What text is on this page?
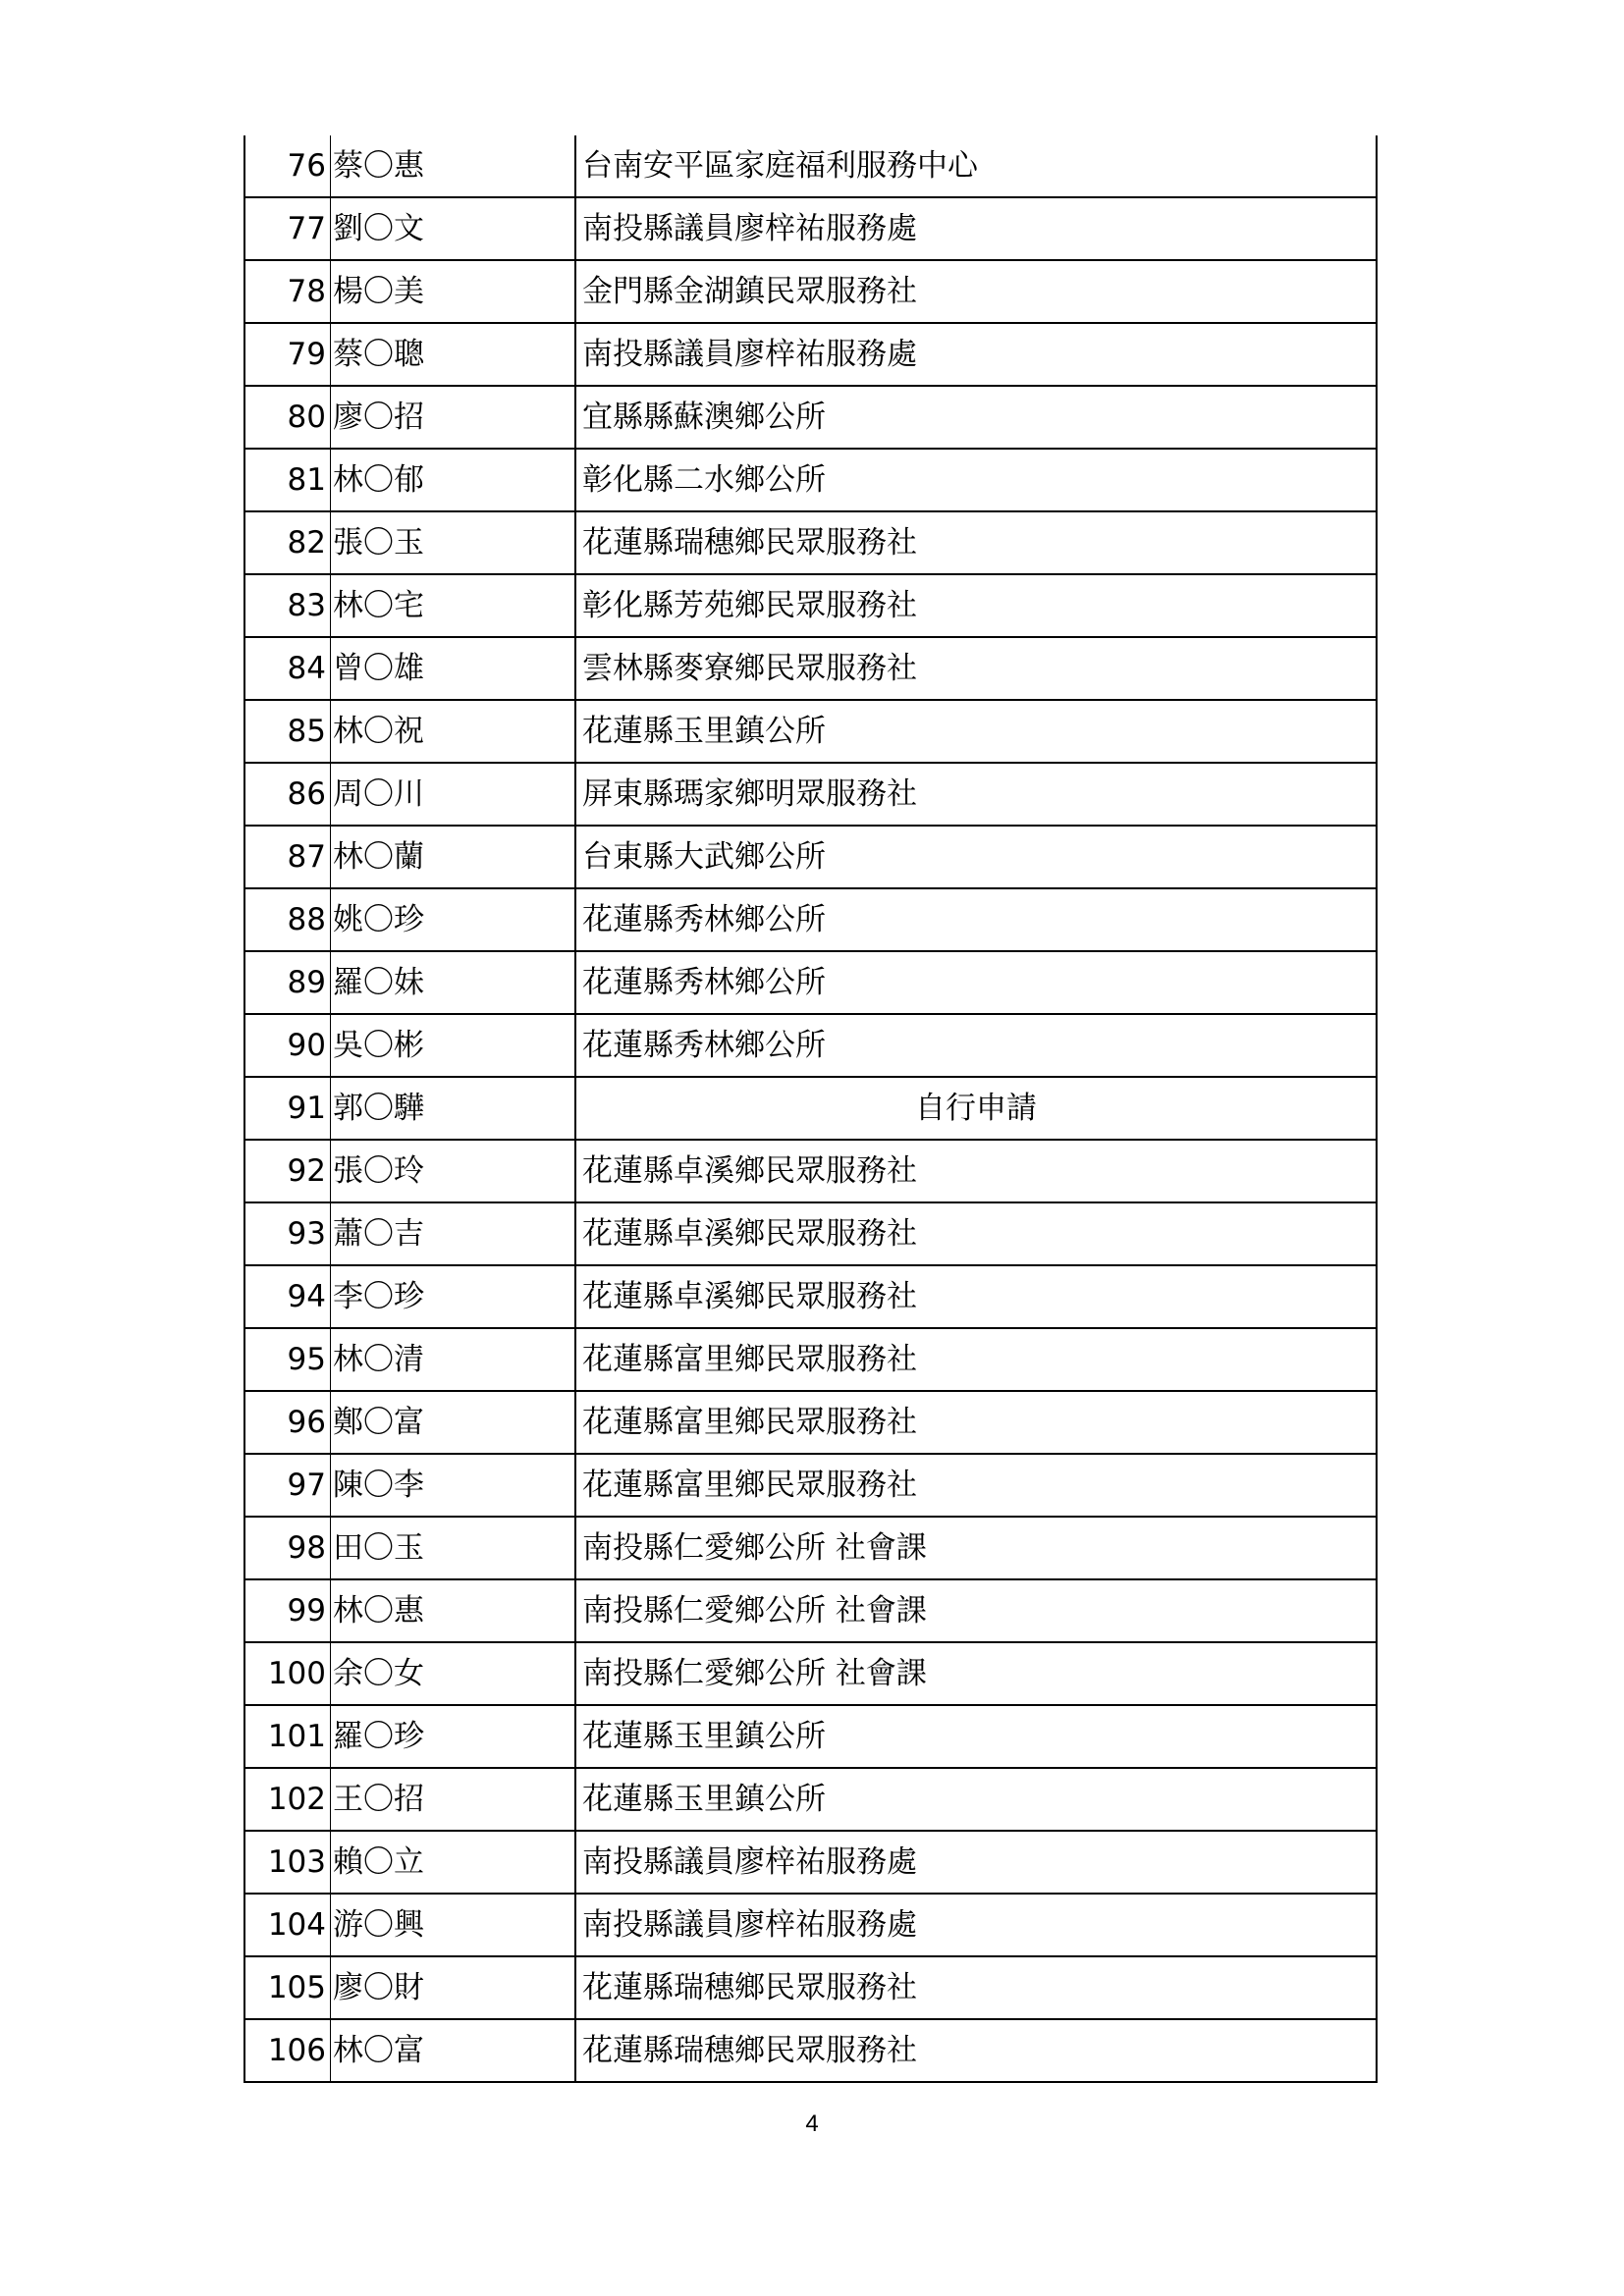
76	蔡〇惠	台南安平區家庭福利服務中心
77	劉〇文	南投縣議員廖梓祐服務處
78	楊〇美	金門縣金湖鎮民眾服務社
79	蔡〇聰	南投縣議員廖梓祐服務處
80	廖〇招	宜縣縣蘇澳鄉公所
81	林〇郁	彰化縣二水鄉公所
82	張〇玉	花蓮縣瑞穗鄉民眾服務社
83	林〇宅	彰化縣芳苑鄉民眾服務社
84	曾〇雄	雲林縣麥寮鄉民眾服務社
85	林〇祝	花蓮縣玉里鎮公所
86	周〇川	屏東縣瑪家鄉明眾服務社
87	林〇蘭	台東縣大武鄉公所
88	姚〇珍	花蓮縣秀林鄉公所
89	羅〇妹	花蓮縣秀林鄉公所
90	吳〇彬	花蓮縣秀林鄉公所
91	郭〇驊	自行申請
92	張〇玲	花蓮縣卓溪鄉民眾服務社
93	蕭〇吉	花蓮縣卓溪鄉民眾服務社
94	李〇珍	花蓮縣卓溪鄉民眾服務社
95	林〇清	花蓮縣富里鄉民眾服務社
96	鄭〇富	花蓮縣富里鄉民眾服務社
97	陳〇李	花蓮縣富里鄉民眾服務社
98	田〇玉	南投縣仁愛鄉公所 社會課
99	林〇惠	南投縣仁愛鄉公所 社會課
100	余〇女	南投縣仁愛鄉公所 社會課
101	羅〇珍	花蓮縣玉里鎮公所
102	王〇招	花蓮縣玉里鎮公所
103	賴〇立	南投縣議員廖梓祐服務處
104	游〇興	南投縣議員廖梓祐服務處
105	廖〇財	花蓮縣瑞穗鄉民眾服務社
106	林〇富	花蓮縣瑞穗鄉民眾服務社
4
